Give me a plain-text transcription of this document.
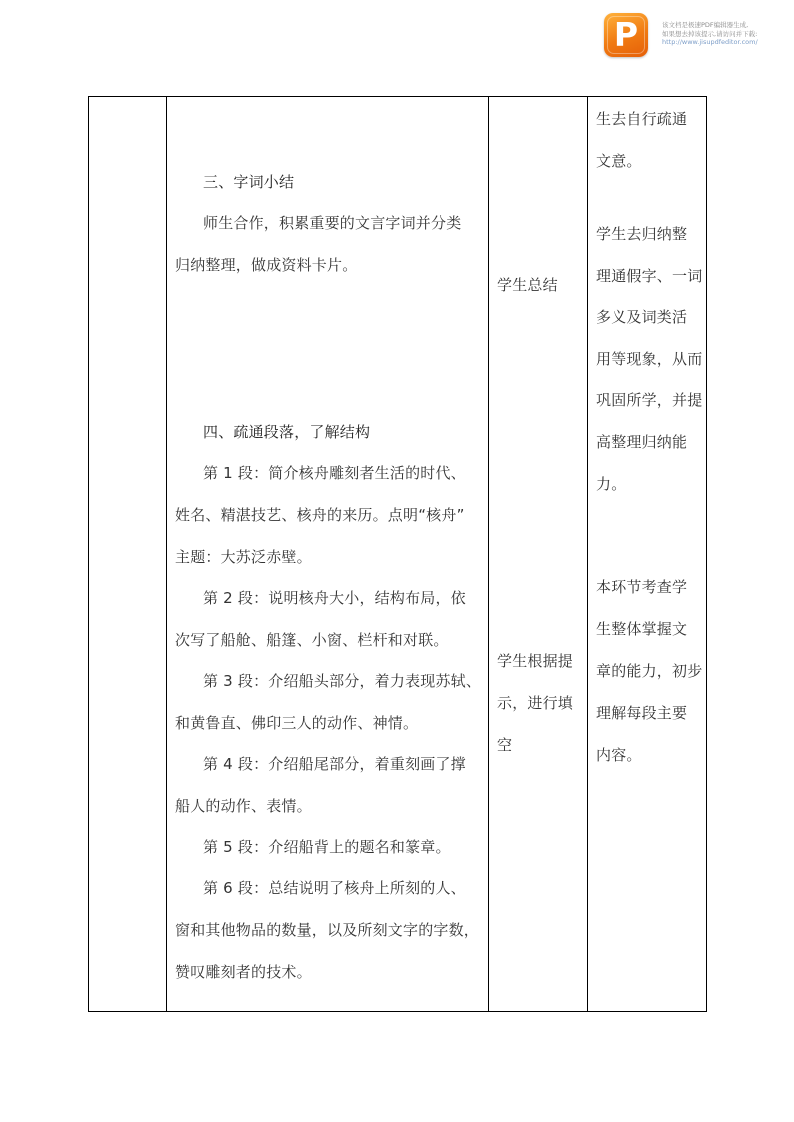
P	该文档是极速PDF编辑器生成,
如果想去掉该提示,请访问并下载:
http://www.jisupdfeditor.com/
三、字词小结
师生合作，积累重要的文言字词并分类
归纳整理，做成资料卡片。
四、疏通段落，了解结构
第 1 段：简介核舟雕刻者生活的时代、
姓名、精湛技艺、核舟的来历。点明“核舟”
主题：大苏泛赤壁。
第 2 段：说明核舟大小，结构布局，依
次写了船舱、船篷、小窗、栏杆和对联。
第 3 段：介绍船头部分，着力表现苏轼、
和黄鲁直、佛印三人的动作、神情。
第 4 段：介绍船尾部分，着重刻画了撑
船人的动作、表情。
第 5 段：介绍船背上的题名和篆章。
第 6 段：总结说明了核舟上所刻的人、
窗和其他物品的数量，以及所刻文字的字数，
赞叹雕刻者的技术。
学生总结
学生根据提
示，进行填
空
生去自行疏通
文意。
学生去归纳整
理通假字、一词
多义及词类活
用等现象，从而
巩固所学，并提
高整理归纳能
力。
本环节考查学
生整体掌握文
章的能力，初步
理解每段主要
内容。
